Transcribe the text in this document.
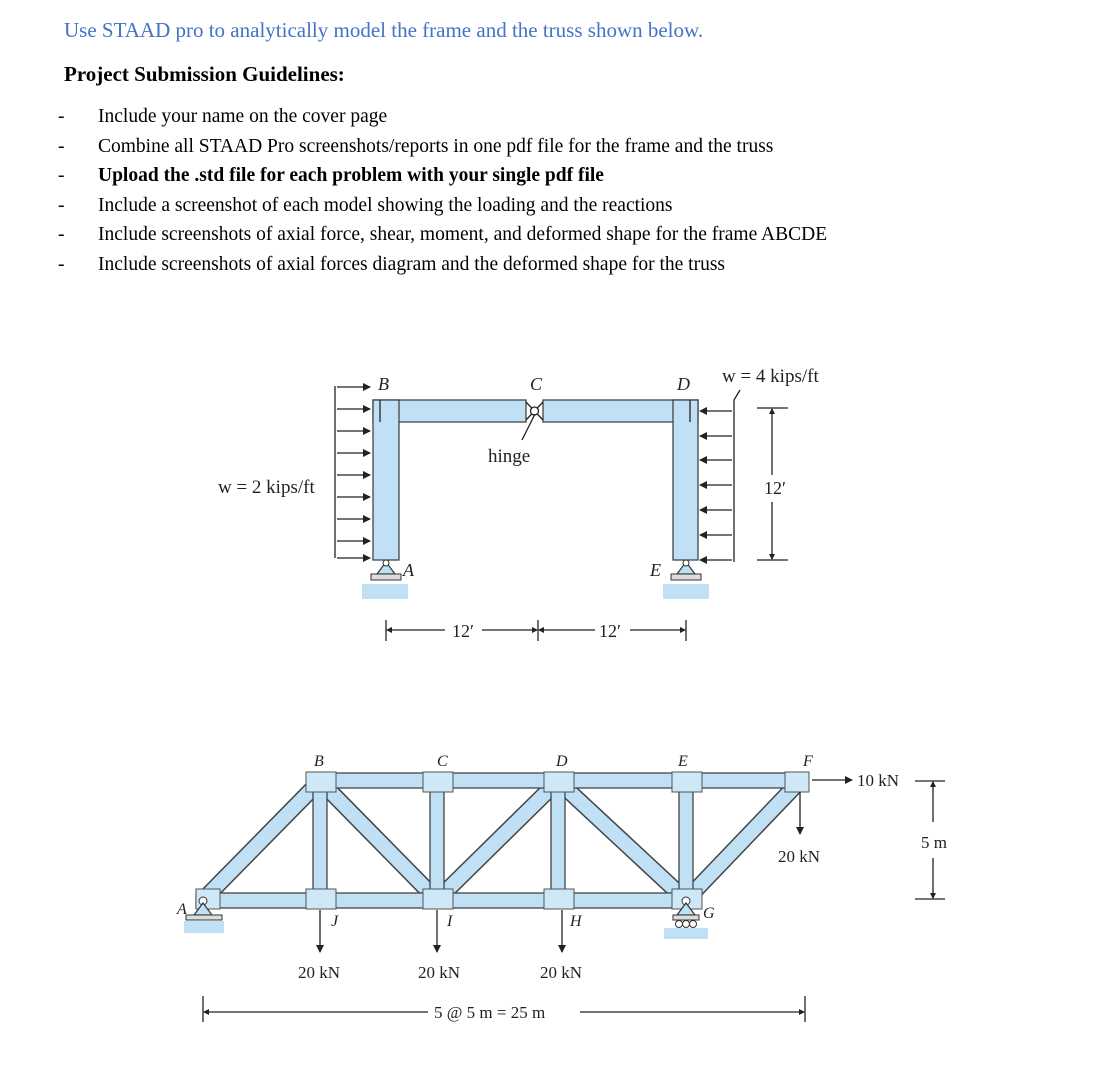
Use STAAD pro to analytically model the frame and the truss shown below.
Project Submission Guidelines:
- Include your name on the cover page
- Combine all STAAD Pro screenshots/reports in one pdf file for the frame and the truss
- Upload the .std file for each problem with your single pdf file
- Include a screenshot of each model showing the loading and the reactions
- Include screenshots of axial force, shear, moment, and deformed shape for the frame ABCDE
- Include screenshots of axial forces diagram and the deformed shape for the truss
B	C	D
A	E
hinge
w = 2 kips/ft
w = 4 kips/ft
12′
12′	12′
B	C	D	E	F
A	G
H
I
J
10 kN
20 kN
20 kN	20 kN	20 kN
5 m
5 @ 5 m = 25 m
